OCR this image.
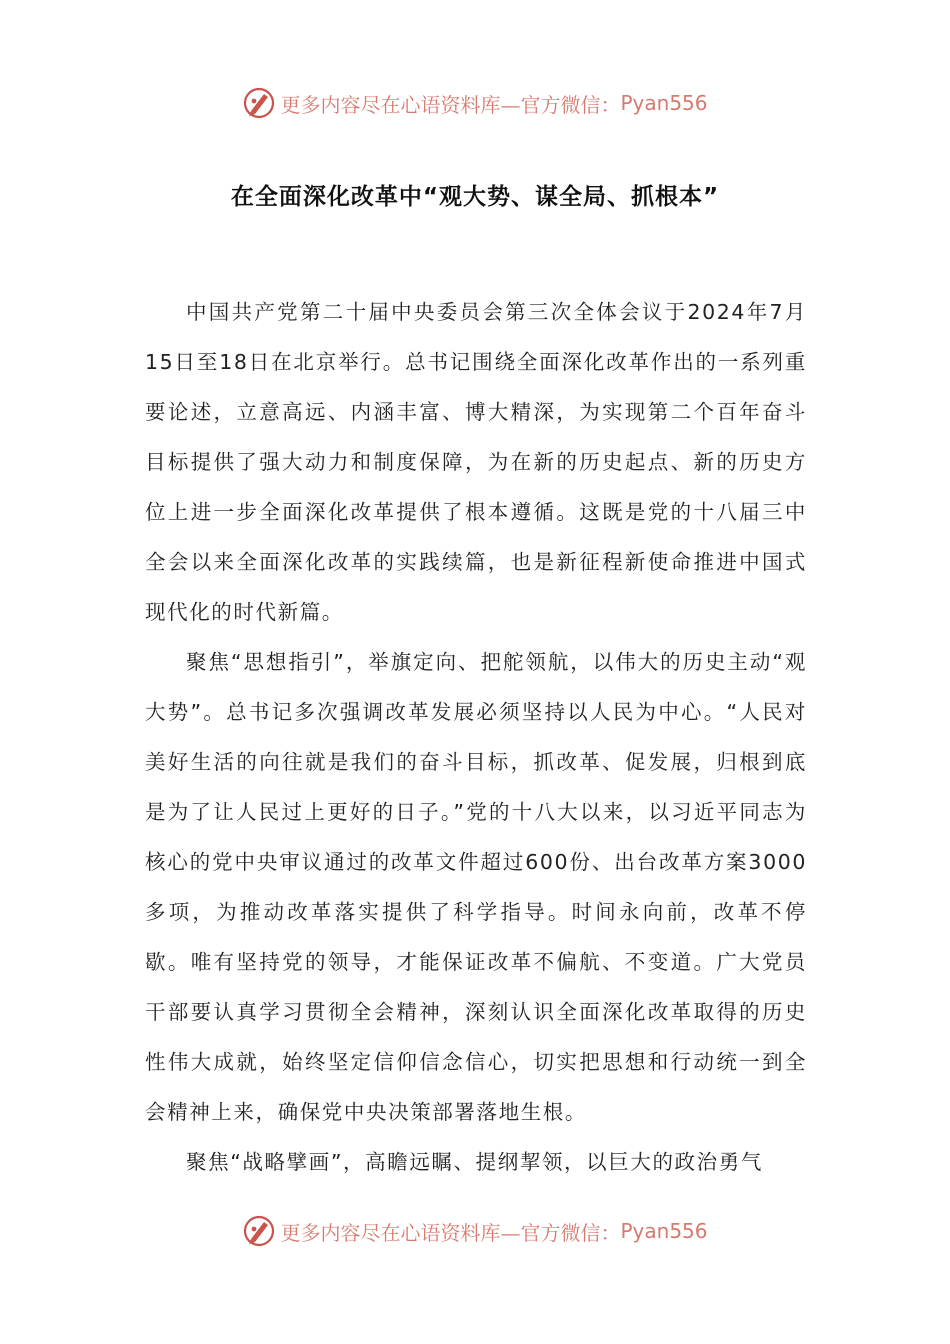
更多内容尽在心语资料库—官方微信： Pyan556
在全面深化改革中“观大势、谋全局、抓根本”

中国共产党第二十届中央委员会第三次全体会议于2024年7月15日至18日在北京举行。总书记围绕全面深化改革作出的一系列重要论述，立意高远、内涵丰富、博大精深，为实现第二个百年奋斗目标提供了强大动力和制度保障，为在新的历史起点、新的历史方位上进一步全面深化改革提供了根本遵循。这既是党的十八届三中全会以来全面深化改革的实践续篇，也是新征程新使命推进中国式现代化的时代新篇。

聚焦“思想指引”，举旗定向、把舵领航，以伟大的历史主动“观大势”。总书记多次强调改革发展必须坚持以人民为中心。“人民对美好生活的向往就是我们的奋斗目标，抓改革、促发展，归根到底是为了让人民过上更好的日子。”党的十八大以来，以习近平同志为核心的党中央审议通过的改革文件超过600份、出台改革方案3000多项，为推动改革落实提供了科学指导。时间永向前，改革不停歇。唯有坚持党的领导，才能保证改革不偏航、不变道。广大党员干部要认真学习贯彻全会精神，深刻认识全面深化改革取得的历史性伟大成就，始终坚定信仰信念信心，切实把思想和行动统一到全会精神上来，确保党中央决策部署落地生根。

聚焦“战略擘画”，高瞻远瞩、提纲挈领，以巨大的政治勇气

更多内容尽在心语资料库—官方微信： Pyan556
